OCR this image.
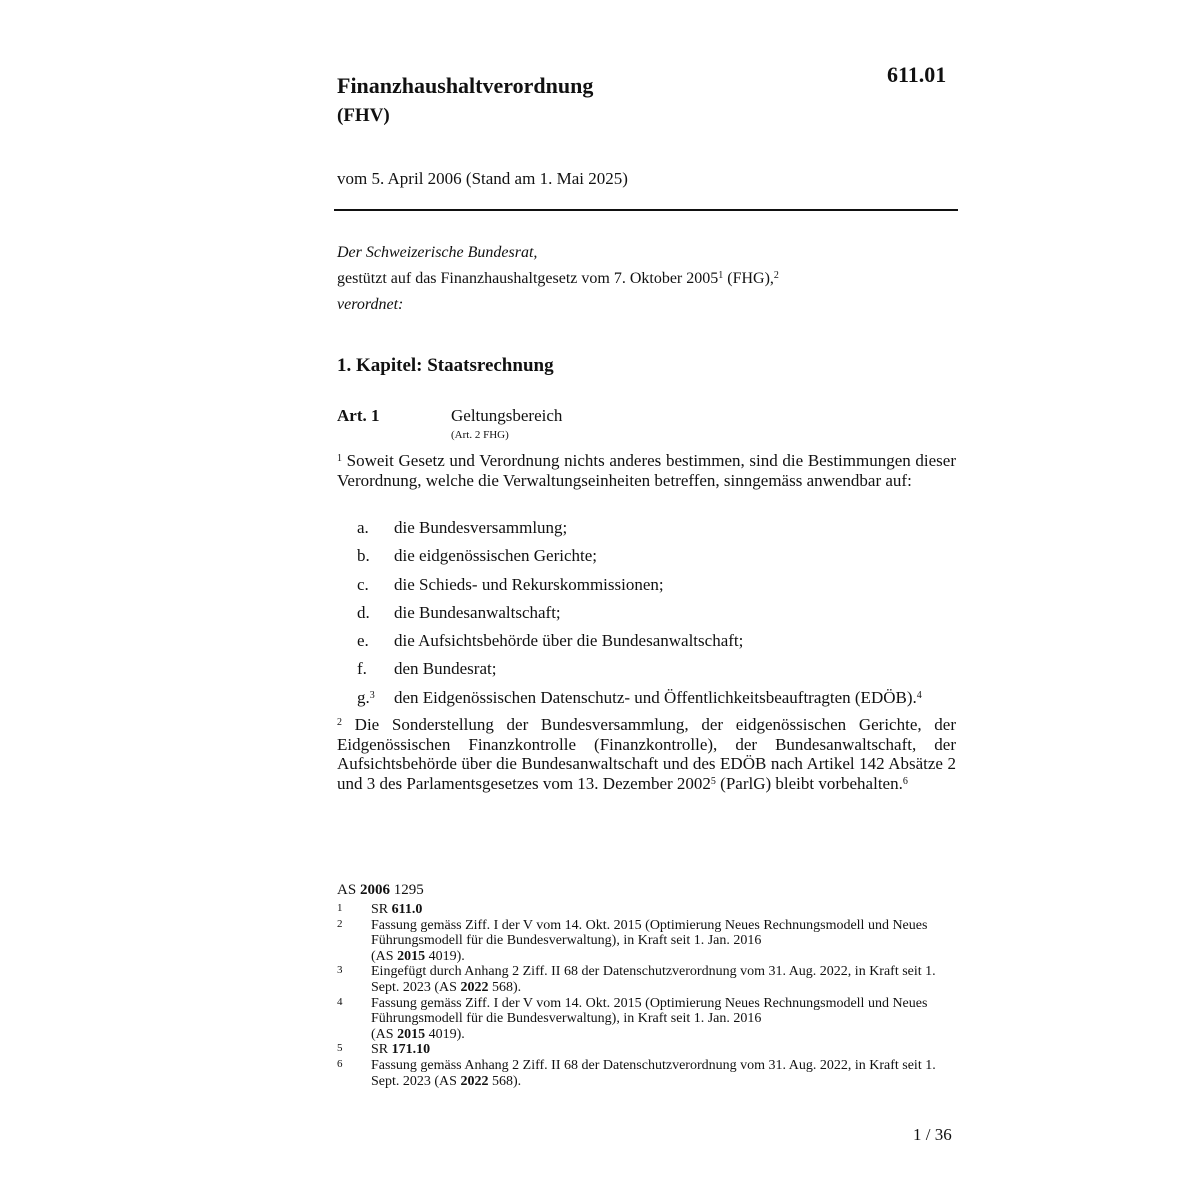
Finanzhaushaltverordnung
(FHV)
611.01
vom 5. April 2006 (Stand am 1. Mai 2025)
Der Schweizerische Bundesrat,
gestützt auf das Finanzhaushaltgesetz vom 7. Oktober 2005$^1$ (FHG),$^2$
verordnet:
1. Kapitel: Staatsrechnung
Art. 1	Geltungsbereich
(Art. 2 FHG)
$^1$ Soweit Gesetz und Verordnung nichts anderes bestimmen, sind die Bestimmungen dieser Verordnung, welche die Verwaltungseinheiten betreffen, sinngemäss anwendbar auf:
a.	die Bundesversammlung;
b.	die eidgenössischen Gerichte;
c.	die Schieds- und Rekurskommissionen;
d.	die Bundesanwaltschaft;
e.	die Aufsichtsbehörde über die Bundesanwaltschaft;
f.	den Bundesrat;
g.$^3$	den Eidgenössischen Datenschutz- und Öffentlichkeitsbeauftragten (EDÖB).$^4$
$^2$ Die Sonderstellung der Bundesversammlung, der eidgenössischen Gerichte, der Eidgenössischen Finanzkontrolle (Finanzkontrolle), der Bundesanwaltschaft, der Aufsichtsbehörde über die Bundesanwaltschaft und des EDÖB nach Artikel 142 Absätze 2 und 3 des Parlamentsgesetzes vom 13. Dezember 2002$^5$ (ParlG) bleibt vorbehalten.$^6$
AS 2006 1295
1	SR 611.0
2	Fassung gemäss Ziff. I der V vom 14. Okt. 2015 (Optimierung Neues Rechnungsmodell und Neues Führungsmodell für die Bundesverwaltung), in Kraft seit 1. Jan. 2016
(AS 2015 4019).
3	Eingefügt durch Anhang 2 Ziff. II 68 der Datenschutzverordnung vom 31. Aug. 2022, in Kraft seit 1. Sept. 2023 (AS 2022 568).
4	Fassung gemäss Ziff. I der V vom 14. Okt. 2015 (Optimierung Neues Rechnungsmodell und Neues Führungsmodell für die Bundesverwaltung), in Kraft seit 1. Jan. 2016
(AS 2015 4019).
5	SR 171.10
6	Fassung gemäss Anhang 2 Ziff. II 68 der Datenschutzverordnung vom 31. Aug. 2022, in Kraft seit 1. Sept. 2023 (AS 2022 568).
1 / 36
